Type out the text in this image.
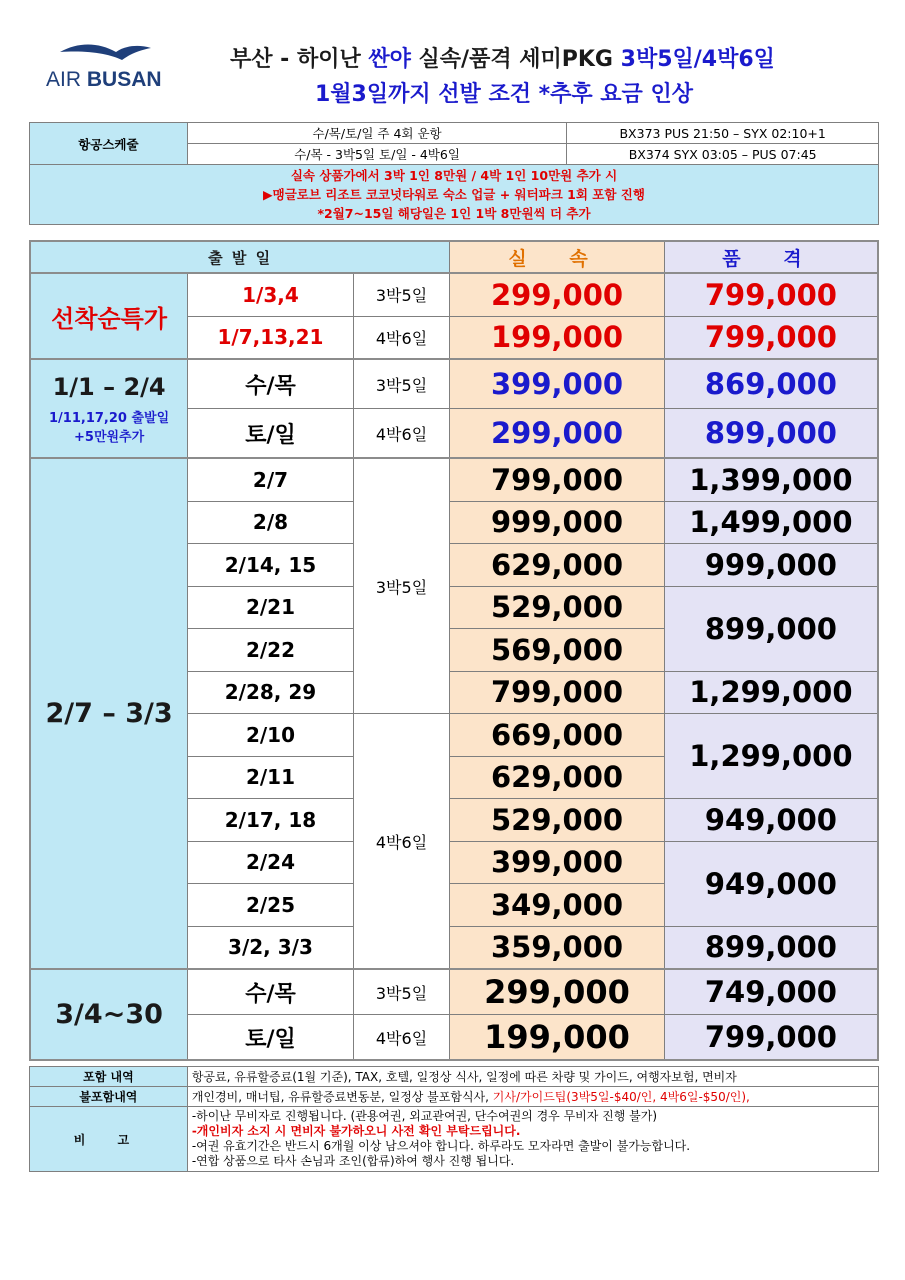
AIR BUSAN
부산 - 하이난 싼야 실속/품격 세미PKG 3박5일/4박6일
1월3일까지 선발 조건 *추후 요금 인상
항공스케줄	수/목/토/일 주 4회 운항	BX373 PUS 21:50 – SYX 02:10+1
	수/목 - 3박5일 토/일 - 4박6일	BX374 SYX 03:05 – PUS 07:45

실속 상품가에서 3박 1인 8만원 / 4박 1인 10만원 추가 시
▶맹글로브 리조트 코코넛타워로 숙소 업글 + 워터파크 1회 포함 진행
*2월7~15일 해당일은 1인 1박 8만원씩 더 추가		
출 발 일			실 속	품 격
선착순특가	1/3,4	3박5일	299,000	799,000
	1/7,13,21	4박6일	199,000	799,000

1/1 – 2/4
1/11,17,20 출발일
+5만원추가	수/목	3박5일	399,000	869,000
	토/일	4박6일	299,000	899,000
2/7 – 3/3	2/7	3박5일	799,000	1,399,000
	2/8		999,000	1,499,000
	2/14, 15		629,000	999,000
	2/21		529,000	899,000
	2/22		569,000	
	2/28, 29		799,000	1,299,000
	2/10	4박6일	669,000	1,299,000
	2/11		629,000	
	2/17, 18		529,000	949,000
	2/24		399,000	949,000
	2/25		349,000	
	3/2, 3/3		359,000	899,000
3/4~30	수/목	3박5일	299,000	749,000
	토/일	4박6일	199,000	799,000
포함 내역	항공료, 유류할증료(1월 기준), TAX, 호텔, 일정상 식사, 일정에 따른 차량 및 가이드, 여행자보험, 면비자
불포함내역	개인경비, 매너팁, 유류할증료변동분, 일정상 불포함식사, 기사/가이드팁(3박5일-$40/인, 4박6일-$50/인),
비 고	-하이난 무비자로 진행됩니다. (관용여권, 외교관여권, 단수여권의 경우 무비자 진행 불가)
-개인비자 소지 시 면비자 불가하오니 사전 확인 부탁드립니다.
-여권 유효기간은 반드시 6개월 이상 남으셔야 합니다. 하루라도 모자라면 출발이 불가능합니다.
-연합 상품으로 타사 손님과 조인(합류)하여 행사 진행 됩니다.
